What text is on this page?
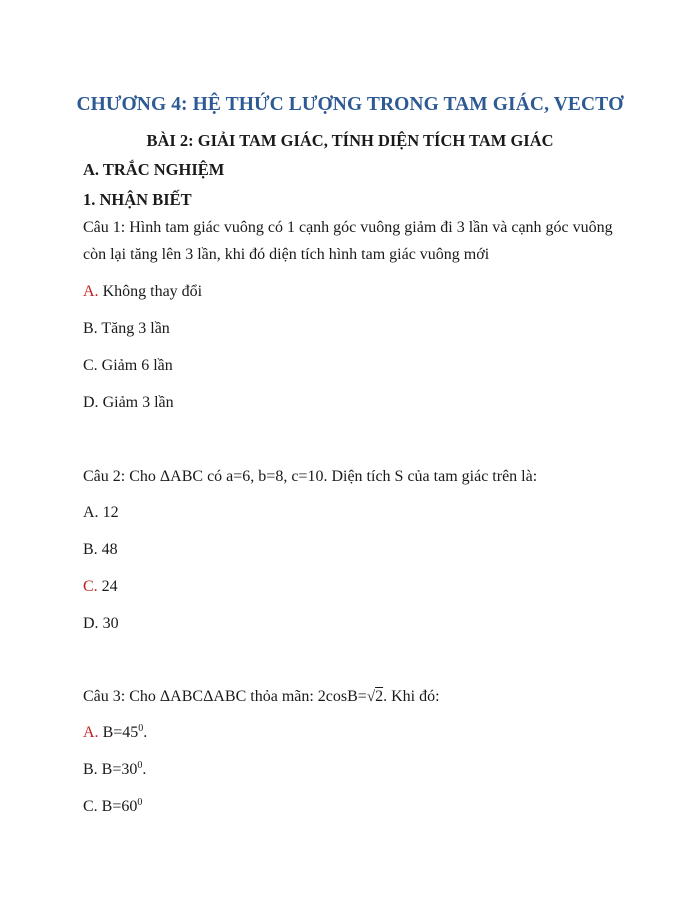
CHƯƠNG 4: HỆ THỨC LƯỢNG TRONG TAM GIÁC, VECTƠ
BÀI 2: GIẢI TAM GIÁC, TÍNH DIỆN TÍCH TAM GIÁC
A. TRẮC NGHIỆM
1. NHẬN BIẾT
Câu 1: Hình tam giác vuông có 1 cạnh góc vuông giảm đi 3 lần và cạnh góc vuông
còn lại tăng lên 3 lần, khi đó diện tích hình tam giác vuông mới
A. Không thay đổi
B. Tăng 3 lần
C. Giảm 6 lần
D. Giảm 3 lần
Câu 2: Cho ΔABC có a=6, b=8, c=10. Diện tích S của tam giác trên là:
A. 12
B. 48
C. 24
D. 30
Câu 3: Cho ΔABCΔABC thỏa mãn: 2cosB=√2. Khi đó:
A. $B=45^0$.
B. $B=30^0$.
C. $B=60^0$
